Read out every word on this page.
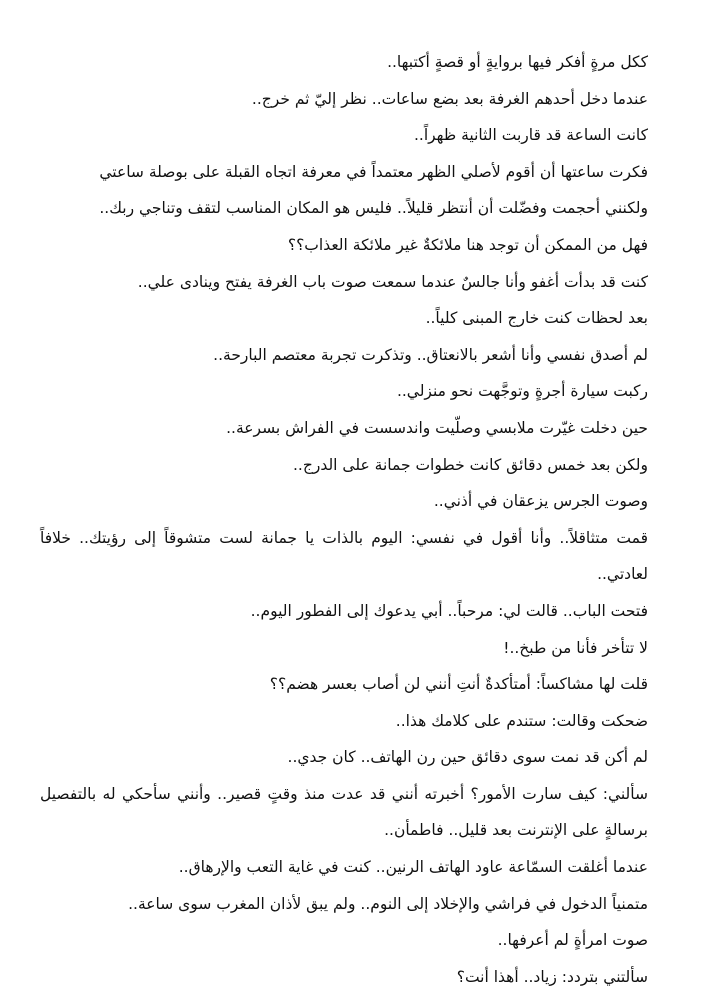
ككل مرةٍ أفكر فيها بروايةٍ أو قصةٍ أكتبها..

عندما دخل أحدهم الغرفة بعد بضع ساعات.. نظر إليّ ثم خرج..

كانت الساعة قد قاربت الثانية ظهراً..

فكرت ساعتها أن أقوم لأصلي الظهر معتمداً في معرفة اتجاه القبلة على بوصلة ساعتي

ولكنني أحجمت وفضّلت أن أنتظر قليلاً.. فليس هو المكان المناسب لتقف وتناجي ربك..

فهل من الممكن أن توجد هنا ملائكةٌ غير ملائكة العذاب؟؟

كنت قد بدأت أغفو وأنا جالسٌ عندما سمعت صوت باب الغرفة يفتح وينادى علي..

بعد لحظات كنت خارج المبنى كلياً..

لم أصدق نفسي وأنا أشعر بالانعتاق.. وتذكرت تجربة معتصم البارحة..

ركبت سيارة أجرةٍ وتوجَّهت نحو منزلي..

حين دخلت غيّرت ملابسي وصلّيت واندسست في الفراش بسرعة..

ولكن بعد خمس دقائق كانت خطوات جمانة على الدرج..

وصوت الجرس يزعقان في أذني..

قمت متثاقلاً.. وأنا أقول في نفسي: اليوم بالذات يا جمانة لست متشوقاً إلى رؤيتك.. خلافاً لعادتي..

فتحت الباب.. قالت لي: مرحباً.. أبي يدعوك إلى الفطور اليوم..

لا تتأخر فأنا من طبخ..!

قلت لها مشاكساً: أمتأكدةٌ أنتِ أنني لن أصاب بعسر هضم؟؟

ضحكت وقالت: ستندم على كلامك هذا..

لم أكن قد نمت سوى دقائق حين رن الهاتف.. كان جدي..

سألني: كيف سارت الأمور؟ أخبرته أنني قد عدت منذ وقتٍ قصير.. وأنني سأحكي له بالتفصيل برسالةٍ على الإنترنت بعد قليل.. فاطمأن..

عندما أغلقت السمّاعة عاود الهاتف الرنين.. كنت في غاية التعب والإرهاق..

متمنياً الدخول في فراشي والإخلاد إلى النوم.. ولم يبق لأذان المغرب سوى ساعة..

صوت امرأةٍ لم أعرفها..

سألتني بتردد: زياد.. أهذا أنت؟
